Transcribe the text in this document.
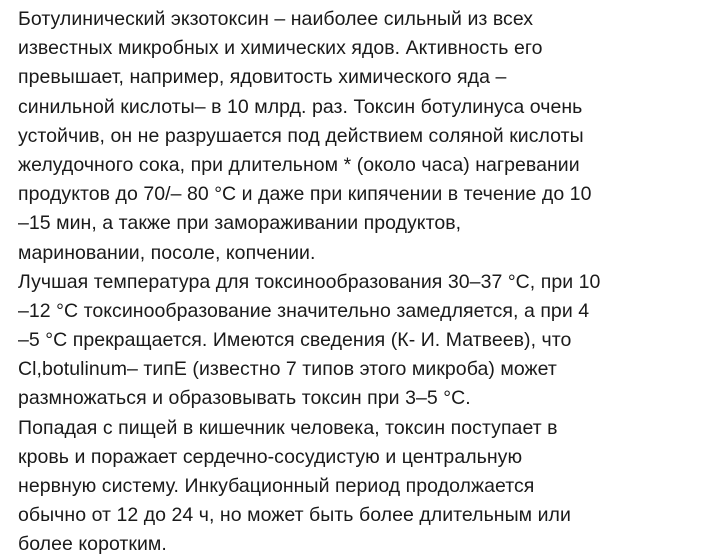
Ботулинический экзотоксин – наиболее сильный из всех
известных микробных и химических ядов. Активность его
превышает, например, ядовитость химического яда –
синильной кислоты– в 10 млрд. раз. Токсин ботулинуса очень
устойчив, он не разрушается под действием соляной кислоты
желудочного сока, при длительном * (около часа) нагревании
продуктов до 70/– 80 °С и даже при кипячении в течение до 10
–15 мин, а также при замораживании продуктов,
мариновании, посоле, копчении.
Лучшая температура для токсинообразования 30–37 °С, при 10
–12 °С токсинообразование значительно замедляется, а при 4
–5 °С прекращается. Имеются сведения (К- И. Матвеев), что
Cl,botulinum– типЕ (известно 7 типов этого микроба) может
размножаться и образовывать токсин при 3–5 °С.
Попадая с пищей в кишечник человека, токсин поступает в
кровь и поражает сердечно-сосудистую и центральную
нервную систему. Инкубационный период продолжается
обычно от 12 до 24 ч, но может быть более длительным или
более коротким.
